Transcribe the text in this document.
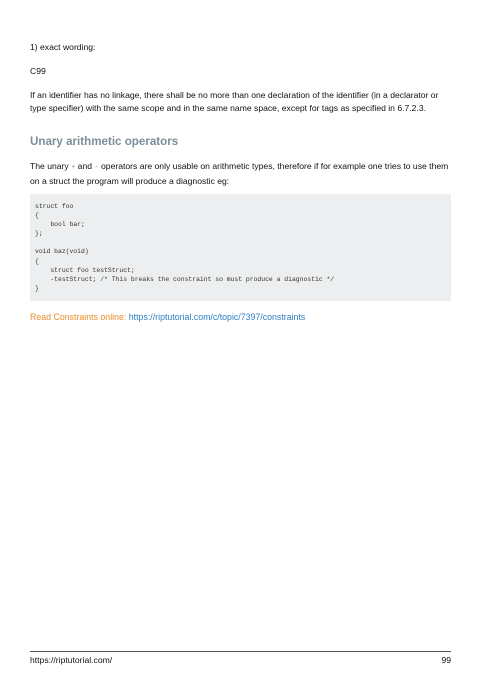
1) exact wording:

C99

If an identifier has no linkage, there shall be no more than one declaration of the identifier (in a declarator or type specifier) with the same scope and in the same name space, except for tags as specified in 6.7.2.3.

Unary arithmetic operators

The unary + and - operators are only usable on arithmetic types, therefore if for example one tries to use them on a struct the program will produce a diagnostic eg:

struct foo
{
bool bar;
};
void baz(void)
{
struct foo testStruct;
-testStruct; /* This breaks the constraint so must produce a diagnostic */
}
Read Constraints online: https://riptutorial.com/c/topic/7397/constraints
https://riptutorial.com/	99
